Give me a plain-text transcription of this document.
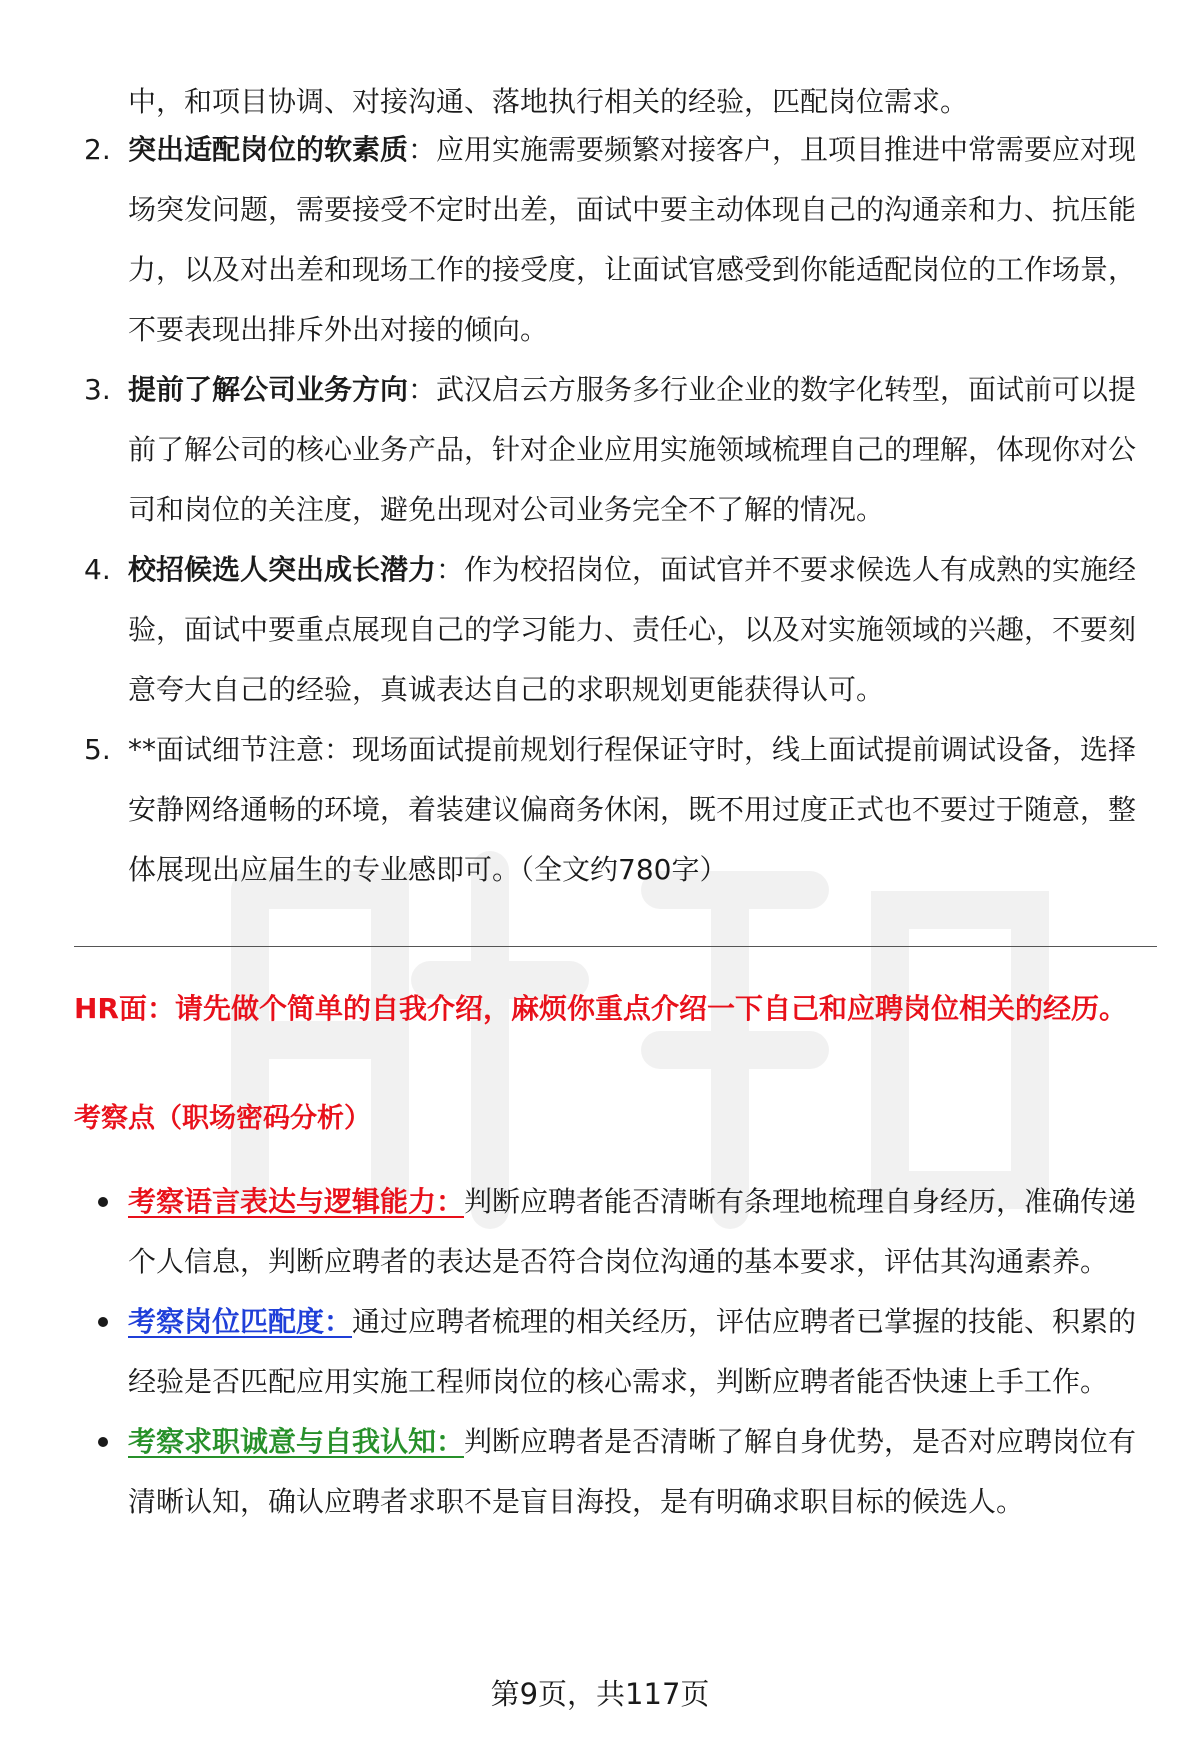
中，和项目协调、对接沟通、落地执行相关的经验，匹配岗位需求。

2. 突出适配岗位的软素质：应用实施需要频繁对接客户，且项目推进中常需要应对现场突发问题，需要接受不定时出差，面试中要主动体现自己的沟通亲和力、抗压能力，以及对出差和现场工作的接受度，让面试官感受到你能适配岗位的工作场景，不要表现出排斥外出对接的倾向。
3. 提前了解公司业务方向：武汉启云方服务多行业企业的数字化转型，面试前可以提前了解公司的核心业务产品，针对企业应用实施领域梳理自己的理解，体现你对公司和岗位的关注度，避免出现对公司业务完全不了解的情况。
4. 校招候选人突出成长潜力：作为校招岗位，面试官并不要求候选人有成熟的实施经验，面试中要重点展现自己的学习能力、责任心，以及对实施领域的兴趣，不要刻意夸大自己的经验，真诚表达自己的求职规划更能获得认可。
5. **面试细节注意：现场面试提前规划行程保证守时，线上面试提前调试设备，选择安静网络通畅的环境，着装建议偏商务休闲，既不用过度正式也不要过于随意，整体展现出应届生的专业感即可。（全文约780字）

HR面：请先做个简单的自我介绍，麻烦你重点介绍一下自己和应聘岗位相关的经历。

考察点（职场密码分析）

考察语言表达与逻辑能力：判断应聘者能否清晰有条理地梳理自身经历，准确传递个人信息，判断应聘者的表达是否符合岗位沟通的基本要求，评估其沟通素养。
考察岗位匹配度：通过应聘者梳理的相关经历，评估应聘者已掌握的技能、积累的经验是否匹配应用实施工程师岗位的核心需求，判断应聘者能否快速上手工作。
考察求职诚意与自我认知：判断应聘者是否清晰了解自身优势，是否对应聘岗位有清晰认知，确认应聘者求职不是盲目海投，是有明确求职目标的候选人。

第9页，共117页
